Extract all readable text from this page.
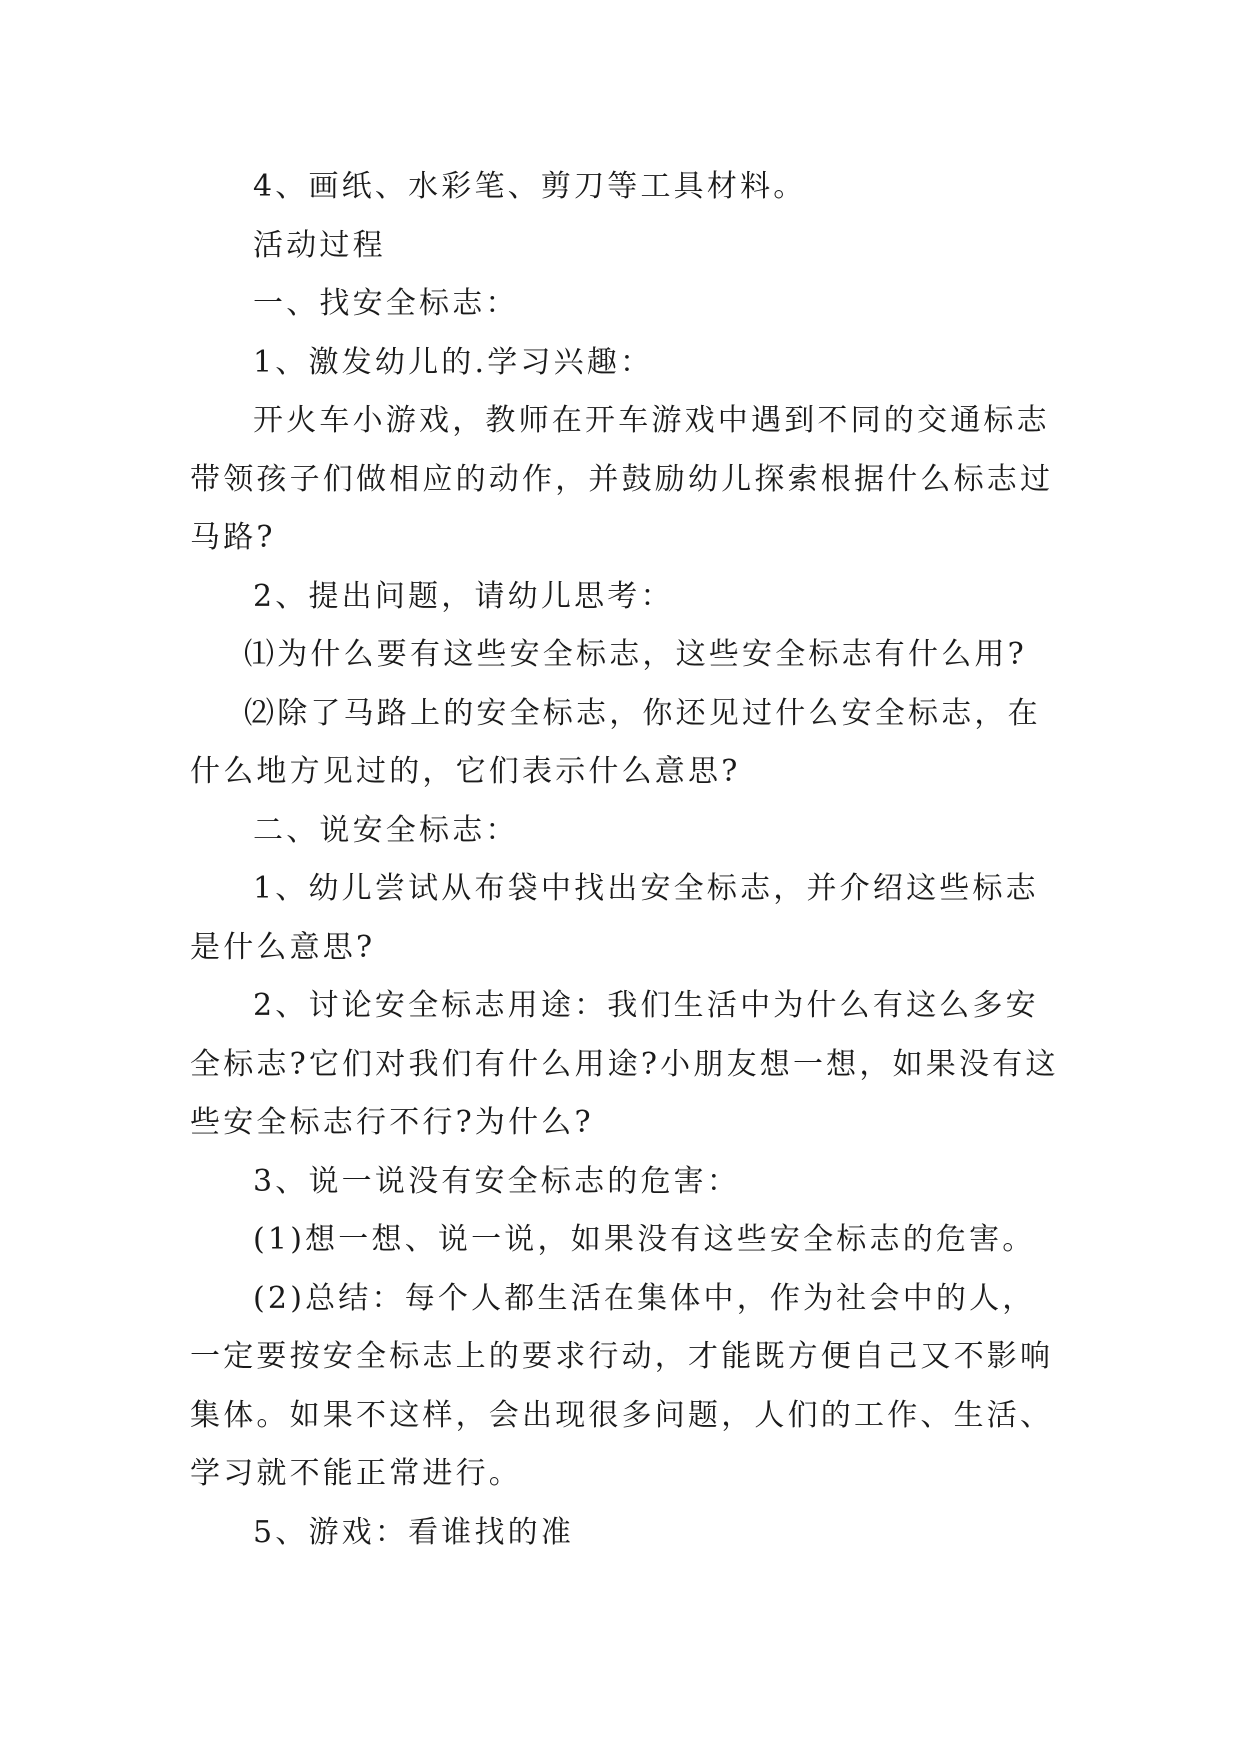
4、画纸、水彩笔、剪刀等工具材料。

活动过程

一、找安全标志：

1、激发幼儿的.学习兴趣：

开火车小游戏，教师在开车游戏中遇到不同的交通标志

带领孩子们做相应的动作，并鼓励幼儿探索根据什么标志过

马路?

2、提出问题，请幼儿思考：

⑴为什么要有这些安全标志，这些安全标志有什么用?

⑵除了马路上的安全标志，你还见过什么安全标志，在

什么地方见过的，它们表示什么意思?

二、说安全标志：

1、幼儿尝试从布袋中找出安全标志，并介绍这些标志

是什么意思?

2、讨论安全标志用途：我们生活中为什么有这么多安

全标志?它们对我们有什么用途?小朋友想一想，如果没有这

些安全标志行不行?为什么?

3、说一说没有安全标志的危害：

(1)想一想、说一说，如果没有这些安全标志的危害。

(2)总结：每个人都生活在集体中，作为社会中的人，

一定要按安全标志上的要求行动，才能既方便自己又不影响

集体。如果不这样，会出现很多问题，人们的工作、生活、

学习就不能正常进行。

5、游戏：看谁找的准
